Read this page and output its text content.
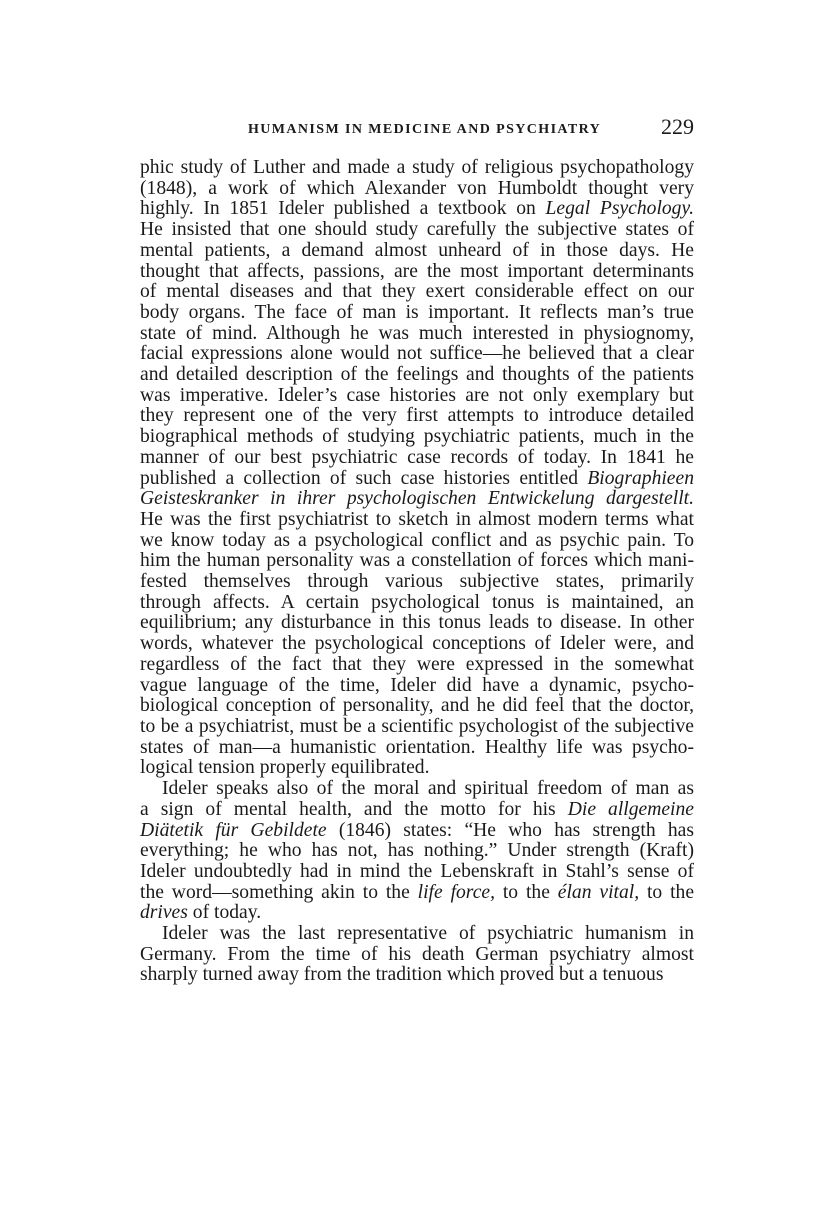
HUMANISM IN MEDICINE AND PSYCHIATRY	229
phic study of Luther and made a study of religious psychopathology
(1848), a work of which Alexander von Humboldt thought very
highly. In 1851 Ideler published a textbook on Legal Psychology.
He insisted that one should study carefully the subjective states of
mental patients, a demand almost unheard of in those days. He
thought that affects, passions, are the most important determinants
of mental diseases and that they exert considerable effect on our
body organs. The face of man is important. It reflects man’s true
state of mind. Although he was much interested in physiognomy,
facial expressions alone would not suffice—he believed that a clear
and detailed description of the feelings and thoughts of the patients
was imperative. Ideler’s case histories are not only exemplary but
they represent one of the very first attempts to introduce detailed
biographical methods of studying psychiatric patients, much in the
manner of our best psychiatric case records of today. In 1841 he
published a collection of such case histories entitled Biographieen
Geisteskranker in ihrer psychologischen Entwickelung dargestellt.
He was the first psychiatrist to sketch in almost modern terms what
we know today as a psychological conflict and as psychic pain. To
him the human personality was a constellation of forces which mani-
fested themselves through various subjective states, primarily
through affects. A certain psychological tonus is maintained, an
equilibrium; any disturbance in this tonus leads to disease. In other
words, whatever the psychological conceptions of Ideler were, and
regardless of the fact that they were expressed in the somewhat
vague language of the time, Ideler did have a dynamic, psycho-
biological conception of personality, and he did feel that the doctor,
to be a psychiatrist, must be a scientific psychologist of the subjective
states of man—a humanistic orientation. Healthy life was psycho-
logical tension properly equilibrated.
Ideler speaks also of the moral and spiritual freedom of man as
a sign of mental health, and the motto for his Die allgemeine
Diätetik für Gebildete (1846) states: “He who has strength has
everything; he who has not, has nothing.” Under strength (Kraft)
Ideler undoubtedly had in mind the Lebenskraft in Stahl’s sense of
the word—something akin to the life force, to the élan vital, to the
drives of today.
Ideler was the last representative of psychiatric humanism in
Germany. From the time of his death German psychiatry almost
sharply turned away from the tradition which proved but a tenuous
